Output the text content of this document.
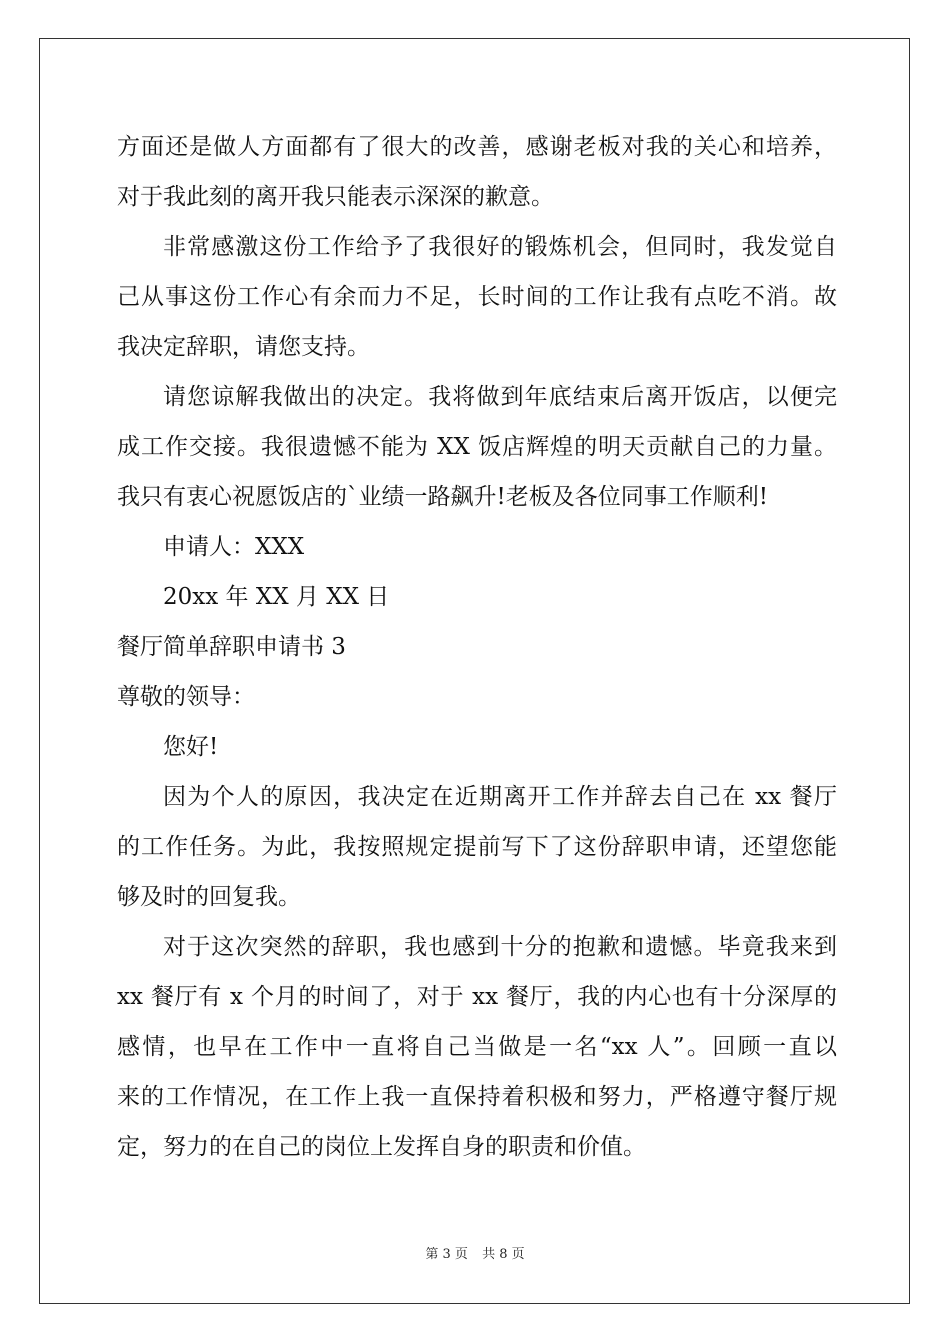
方面还是做人方面都有了很大的改善，感谢老板对我的关心和培养，
对于我此刻的离开我只能表示深深的歉意。
非常感激这份工作给予了我很好的锻炼机会，但同时，我发觉自
己从事这份工作心有余而力不足，长时间的工作让我有点吃不消。故
我决定辞职，请您支持。
请您谅解我做出的决定。我将做到年底结束后离开饭店，以便完
成工作交接。我很遗憾不能为 XX 饭店辉煌的明天贡献自己的力量。
我只有衷心祝愿饭店的`业绩一路飙升!老板及各位同事工作顺利!
申请人：XXX
20xx 年 XX 月 XX 日
餐厅简单辞职申请书 3
尊敬的领导：
您好!
因为个人的原因，我决定在近期离开工作并辞去自己在 xx 餐厅
的工作任务。为此，我按照规定提前写下了这份辞职申请，还望您能
够及时的回复我。
对于这次突然的辞职，我也感到十分的抱歉和遗憾。毕竟我来到
xx 餐厅有 x 个月的时间了，对于 xx 餐厅，我的内心也有十分深厚的
感情，也早在工作中一直将自己当做是一名“xx 人”。回顾一直以
来的工作情况，在工作上我一直保持着积极和努力，严格遵守餐厅规
定，努力的在自己的岗位上发挥自身的职责和价值。
第 3 页 共 8 页
